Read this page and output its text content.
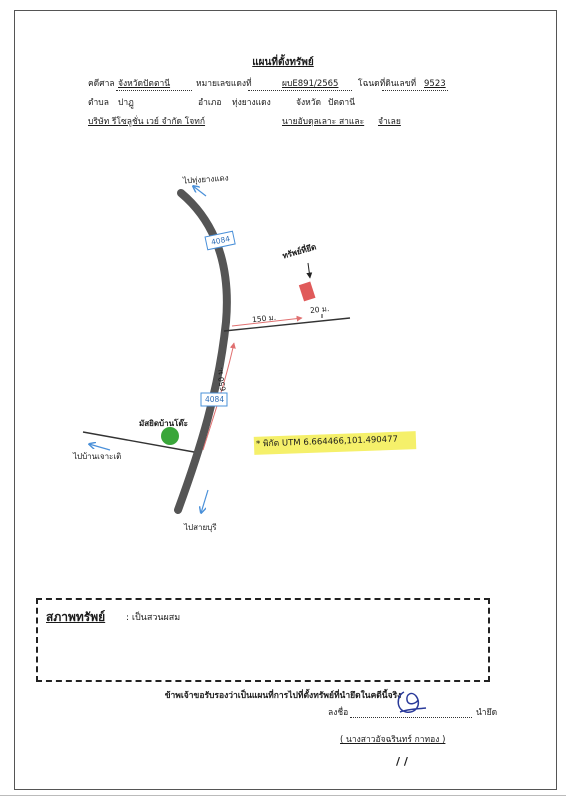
แผนที่ตั้งทรัพย์
คดีศาล จังหวัดปัตตานี	หมายเลขแดงที่	ผบE891/2565 โฉนดที่ดินเลขที่ 9523
ตำบล ปาฏู	อำเภอ ทุ่งยางแดง	จังหวัด ปัตตานี
บริษัท รีโซลูชั่น เวย์ จำกัด โจทก์	นายอับดุลเลาะ สาและ จำเลย
ไปทุ่งยางแดง
ไปสายบุรี
ไปบ้านเจาะเติ
4084
4084
ทรัพย์ที่ยึด
150 ม.
20 ม.
650 ม.
มัสยิดบ้านโต๊ะ
* พิกัด UTM 6.664466,101.490477
สภาพทรัพย์ : เป็นสวนผสม
ข้าพเจ้าขอรับรองว่าเป็นแผนที่การไปที่ตั้งทรัพย์ที่นำยึดในคดีนี้จริง
ลงชื่อ	นำยึด
( นางสาวอัจฉรินทร์ กาทอง )
/ /
